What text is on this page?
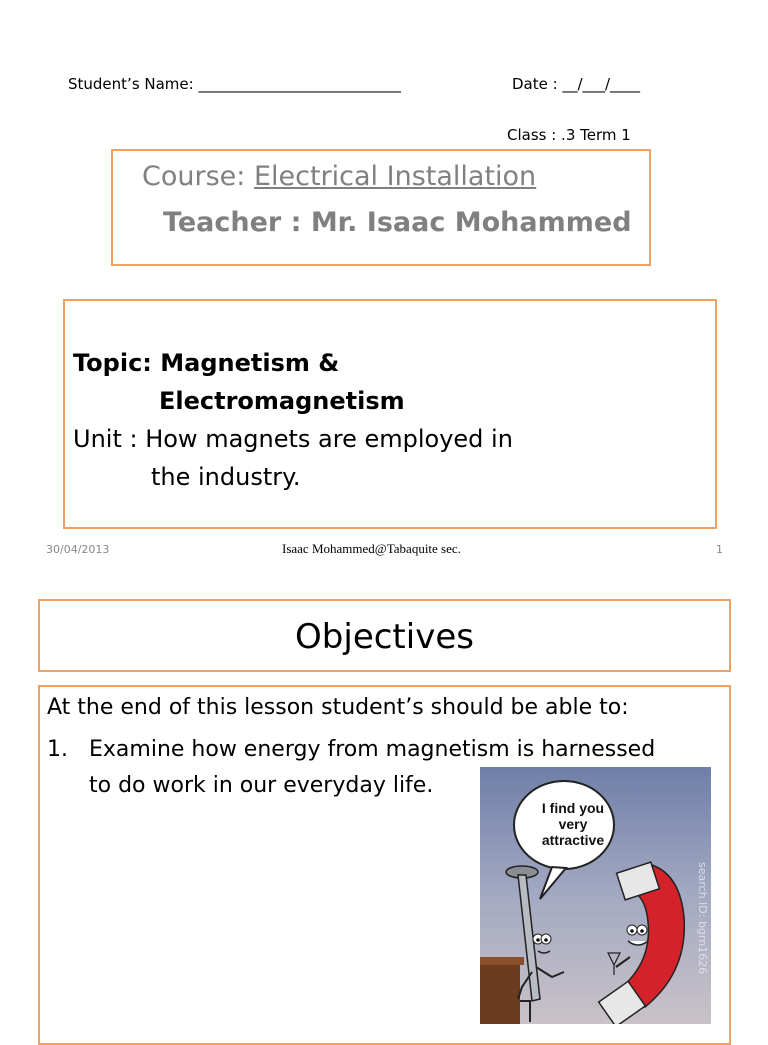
Student’s Name: ___________________________	Date : __/___/____
Class : .3 Term 1
Course: Electrical Installation
Teacher : Mr. Isaac Mohammed
Topic: Magnetism &
Electromagnetism
Unit : How magnets are employed in
the industry.
30/04/2013	Isaac Mohammed@Tabaquite sec.	1
Objectives
At the end of this lesson student’s should be able to:
1. Examine how energy from magnetism is harnessed
to do work in our everyday life.
I find you
very
attractive
search ID: bgrn1626
